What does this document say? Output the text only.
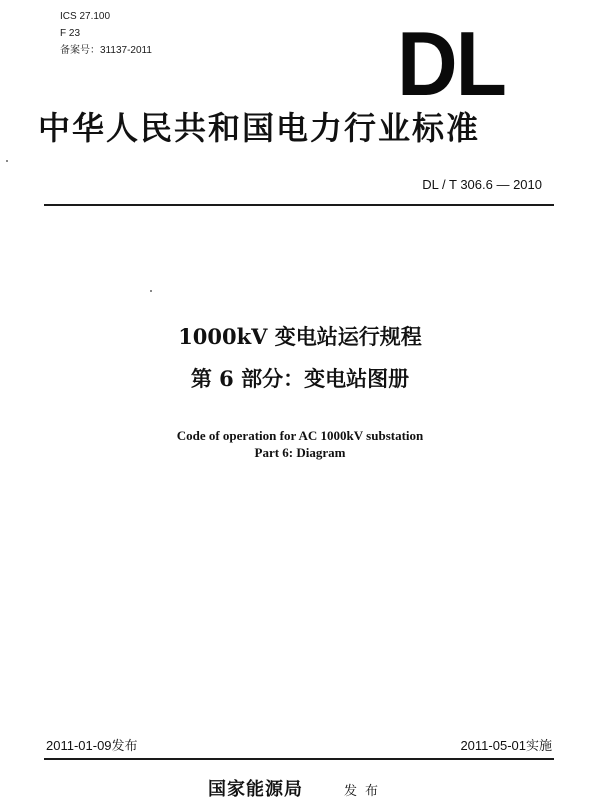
ICS 27.100
F 23
备案号：31137-2011	DL
中华人民共和国电力行业标准
DL / T 306.6 — 2010
1000kV 变电站运行规程
第 6 部分：变电站图册
Code of operation for AC 1000kV substation
Part 6: Diagram
2011-01-09发布	2011-05-01实施
国家能源局	发布
